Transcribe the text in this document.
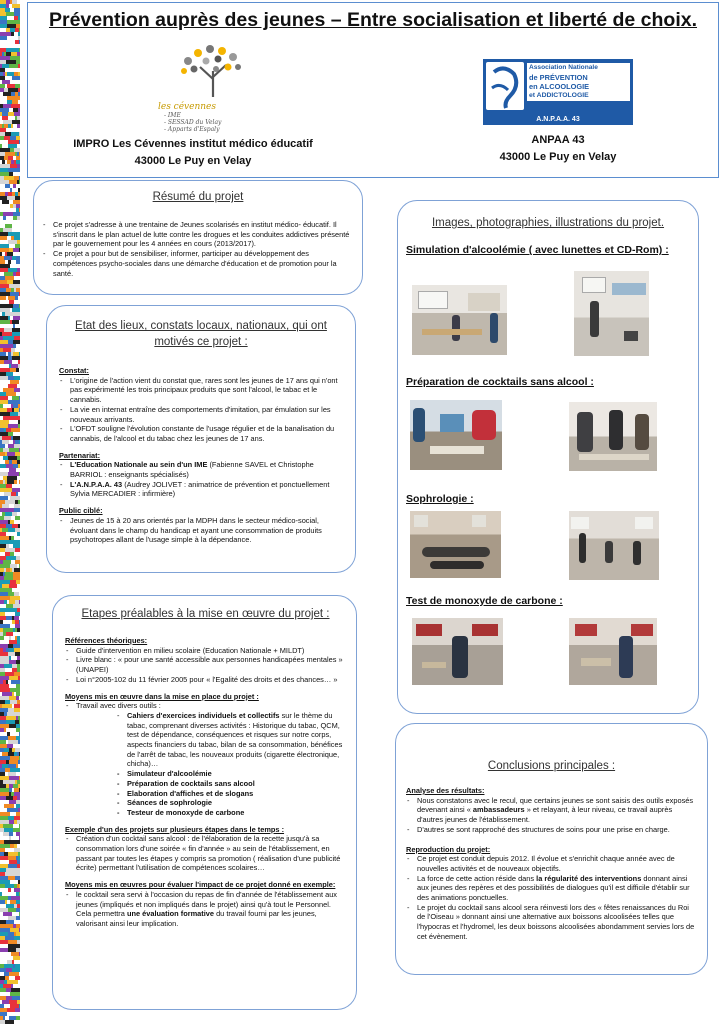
Prévention auprès des jeunes – Entre socialisation et liberté de choix.
les cévennes
- IME
- SESSAD du Velay
- Apparts d'Espaly
Association Nationale
de PRÉVENTION
en ALCOOLOGIE
et ADDICTOLOGIE
A.N.P.A.A. 43
IMPRO Les Cévennes institut médico éducatif
43000 Le Puy en Velay
ANPAA 43
43000 Le Puy en Velay
Résumé du projet
- Ce projet s'adresse à une trentaine de Jeunes scolarisés en institut médico- éducatif. Il s'inscrit dans le plan actuel de lutte contre les drogues et les conduites addictives présenté par le gouvernement pour les 4 années en cours (2013/2017).
- Ce projet a pour but de sensibiliser, informer, participer au développement des compétences psycho-sociales dans une démarche d'éducation et de promotion pour la santé.
Etat des lieux, constats locaux, nationaux, qui ont motivés ce projet :
Constat:
- L'origine de l'action vient du constat que, rares sont les jeunes de 17 ans qui n'ont pas expérimenté les trois principaux produits que sont l'alcool, le tabac et le cannabis.
- La vie en internat entraîne des comportements d'imitation, par émulation sur les nouveaux arrivants.
- L'OFDT souligne l'évolution constante de l'usage régulier et de la banalisation du cannabis, de l'alcool et du tabac chez les jeunes de 17 ans.
Partenariat:
- L'Education Nationale au sein d'un IME (Fabienne SAVEL et Christophe BARRIOL : enseignants spécialisés)
- L'A.N.P.A.A. 43 (Audrey JOLIVET : animatrice de prévention et ponctuellement Sylvia MERCADIER : infirmière)
Public ciblé:
- Jeunes de 15 à 20 ans orientés par la MDPH dans le secteur médico-social, évoluant dans le champ du handicap et ayant une consommation de produits psychotropes allant de l'usage simple à la dépendance.
Etapes préalables à la mise en œuvre du projet :
Références théoriques:
- Guide d'intervention en milieu scolaire (Education Nationale + MILDT)
- Livre blanc : « pour une santé accessible aux personnes handicapées mentales » (UNAPEI)
- Loi n°2005-102 du 11 février 2005 pour « l'Egalité des droits et des chances… »
Moyens mis en œuvre dans la mise en place du projet :
- Travail avec divers outils :
- Cahiers d'exercices individuels et collectifs sur le thème du tabac, comprenant diverses activités : Historique du tabac, QCM, test de dépendance, conséquences et risques sur notre corps, aspects financiers du tabac, bilan de sa consommation, bénéfices de l'arrêt de tabac, les nouveaux produits (cigarette électronique, chicha)…
- Simulateur d'alcoolémie
- Préparation de cocktails sans alcool
- Elaboration d'affiches et de slogans
- Séances de sophrologie
- Testeur de monoxyde de carbone
Exemple d'un des projets sur plusieurs étapes dans le temps :
- Création d'un cocktail sans alcool : de l'élaboration de la recette jusqu'à sa consommation lors d'une soirée « fin d'année » au sein de l'établissement, en passant par toutes les étapes y compris sa promotion ( réalisation d'une publicité écrite) permettant l'utilisation de compétences scolaires…
Moyens mis en œuvres pour évaluer l'impact de ce projet donné en exemple:
- le cocktail sera servi à l'occasion du repas de fin d'année de l'établissement aux jeunes (impliqués et non impliqués dans le projet) ainsi qu'à tout le Personnel. Cela permettra une évaluation formative du travail fourni par les jeunes, valorisant ainsi leur implication.
Images, photographies, illustrations du projet.
Simulation d'alcoolémie ( avec lunettes et CD-Rom) :
Préparation de cocktails sans alcool :
Sophrologie :
Test de monoxyde de carbone :
Conclusions principales :
Analyse des résultats:
- Nous constatons avec le recul, que certains jeunes se sont saisis des outils exposés devenant ainsi « ambassadeurs » et relayant, à leur niveau, ce travail auprès d'autres jeunes de l'établissement.
- D'autres se sont rapproché des structures de soins pour une prise en charge.
Reproduction du projet:
- Ce projet est conduit depuis 2012. Il évolue et s'enrichit chaque année avec de nouvelles activités et de nouveaux objectifs.
- La force de cette action réside dans la régularité des interventions donnant ainsi aux jeunes des repères et des possibilités de dialogues qu'il est difficile d'établir sur des animations ponctuelles.
- Le projet du cocktail sans alcool sera réinvesti lors des « fêtes renaissances du Roi de l'Oiseau » donnant ainsi une alternative aux boissons alcoolisées telles que l'hypocras et l'hydromel, les deux boissons alcoolisées abondamment servies lors de cet évènement.
